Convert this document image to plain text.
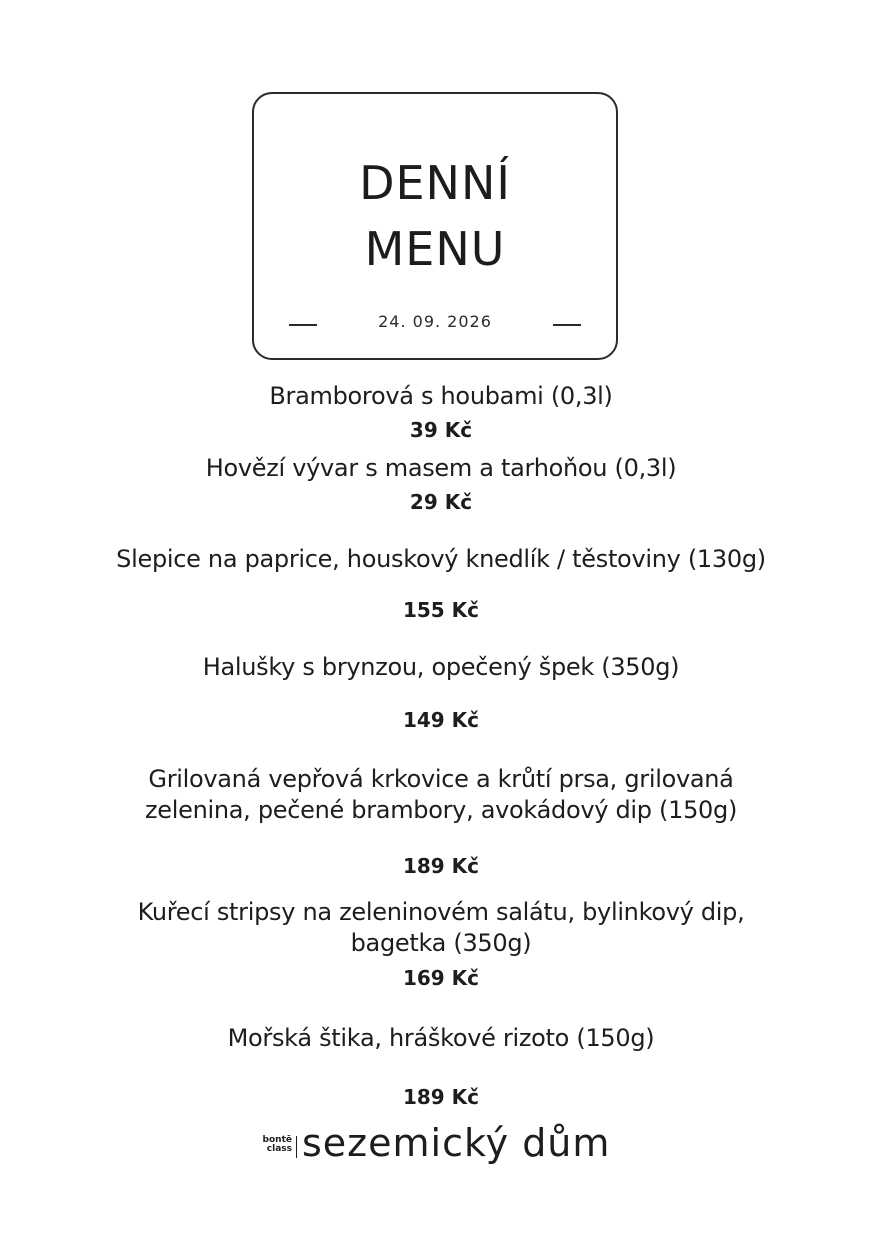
DENNÍ
MENU
24. 09. 2026
Bramborová s houbami (0,3l)
39 Kč
Hovězí vývar s masem a tarhoňou (0,3l)
29 Kč
Slepice na paprice, houskový knedlík / těstoviny (130g)
155 Kč
Halušky s brynzou, opečený špek (350g)
149 Kč
Grilovaná vepřová krkovice a krůtí prsa, grilovaná zelenina, pečené brambory, avokádový dip (150g)
189 Kč
Kuřecí stripsy na zeleninovém salátu, bylinkový dip, bagetka (350g)
169 Kč
Mořská štika, hráškové rizoto (150g)
189 Kč
bontē
class sezemický dům
